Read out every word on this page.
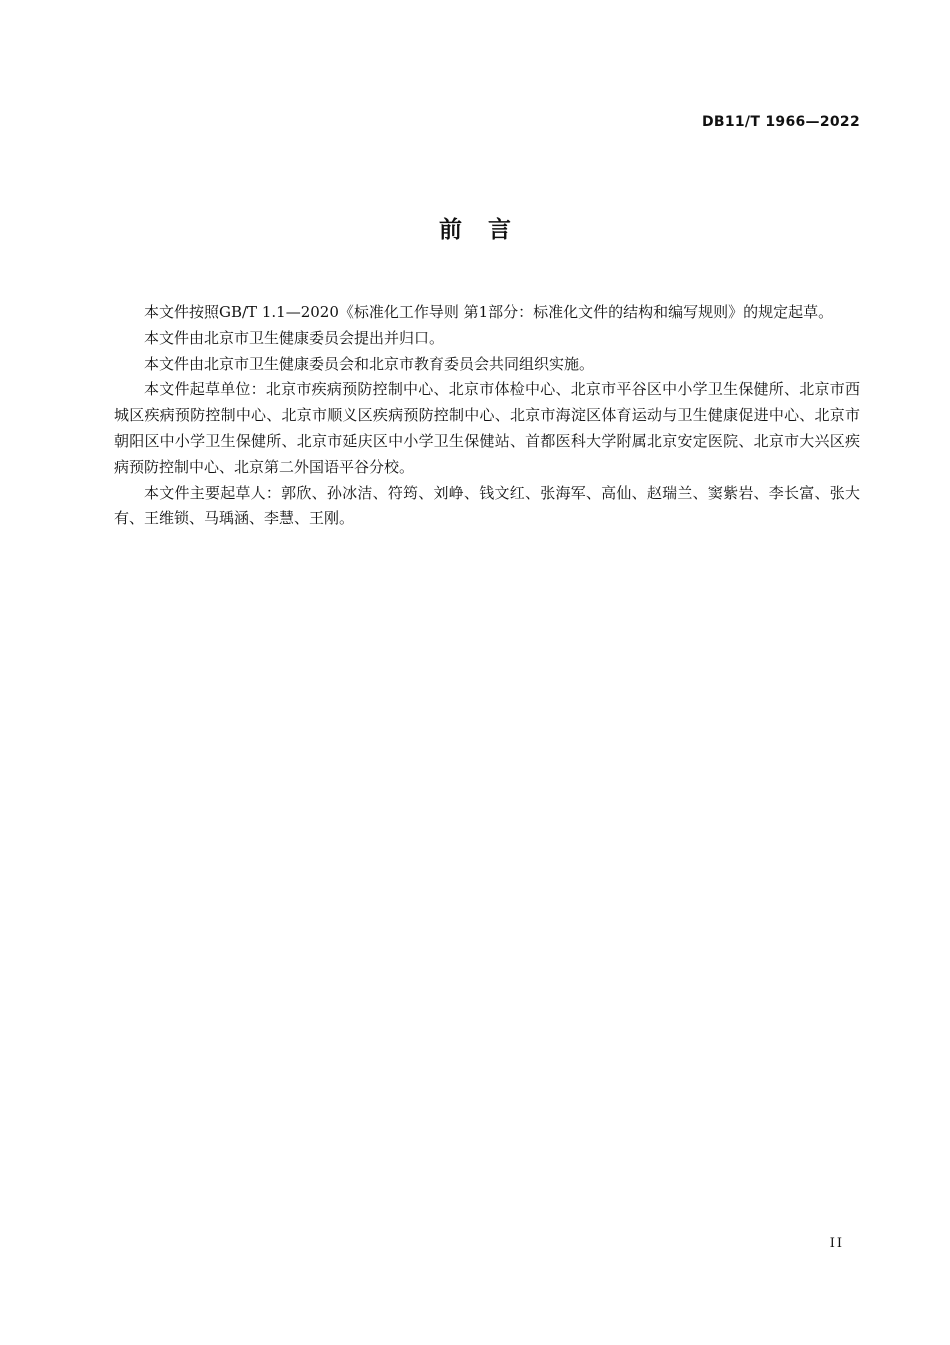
DB11/T 1966—2022
前 言

本文件按照GB/T 1.1—2020《标准化工作导则 第1部分：标准化文件的结构和编写规则》的规定起草。

本文件由北京市卫生健康委员会提出并归口。

本文件由北京市卫生健康委员会和北京市教育委员会共同组织实施。

本文件起草单位：北京市疾病预防控制中心、北京市体检中心、北京市平谷区中小学卫生保健所、北京市西城区疾病预防控制中心、北京市顺义区疾病预防控制中心、北京市海淀区体育运动与卫生健康促进中心、北京市朝阳区中小学卫生保健所、北京市延庆区中小学卫生保健站、首都医科大学附属北京安定医院、北京市大兴区疾病预防控制中心、北京第二外国语平谷分校。

本文件主要起草人：郭欣、孙冰洁、符筠、刘峥、钱文红、张海军、高仙、赵瑞兰、窦紫岩、李长富、张大有、王维锁、马瑀涵、李慧、王刚。

II
